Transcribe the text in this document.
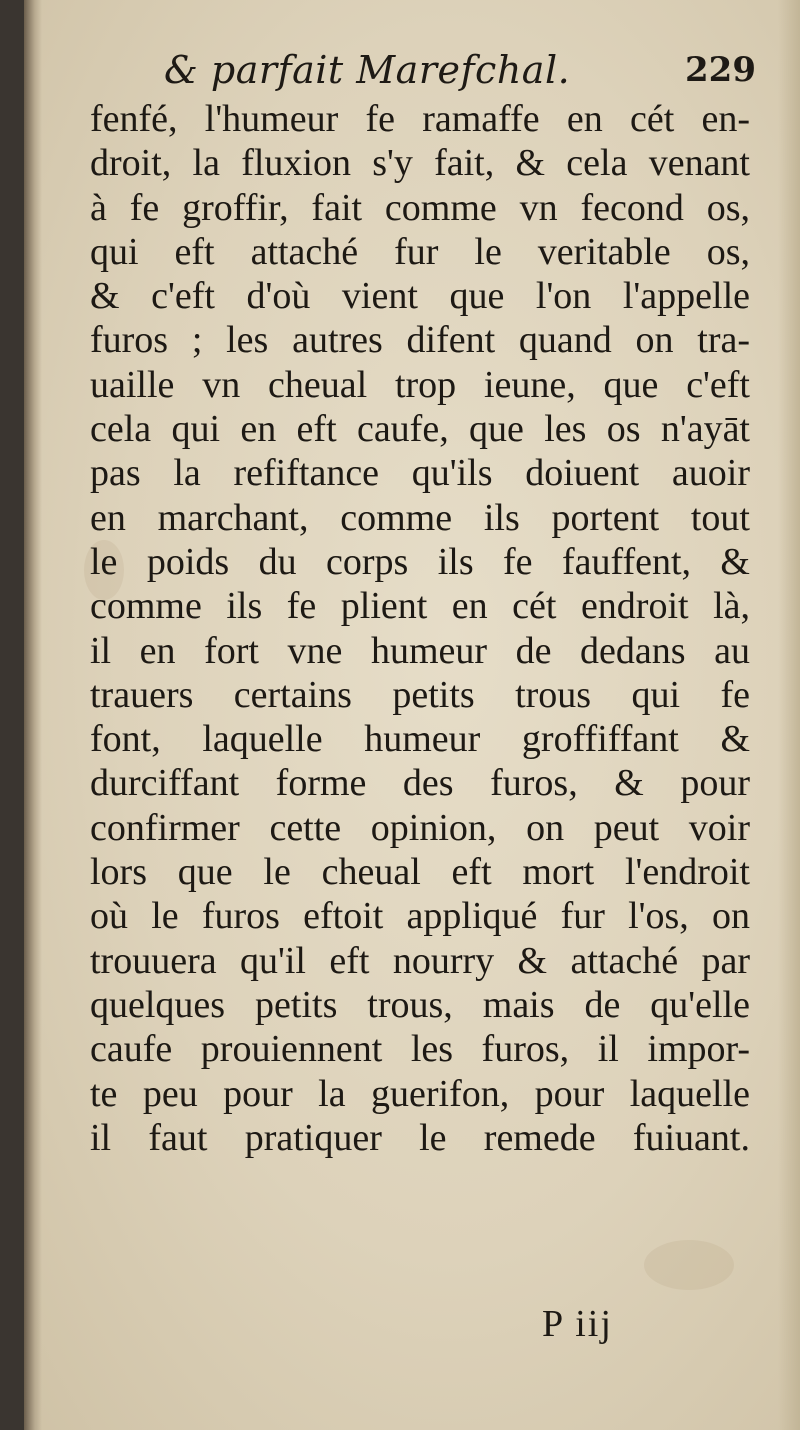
& parfait Marefchal.	229
fenfé, l'humeur fe ramaffe en cét en-
droit, la fluxion s'y fait, & cela venant
à fe groffir, fait comme vn fecond os,
qui eft attaché fur le veritable os,
& c'eft d'où vient que l'on l'appelle
furos ; les autres difent quand on tra-
uaille vn cheual trop ieune, que c'eft
cela qui en eft caufe, que les os n'ayāt
pas la refiftance qu'ils doiuent auoir
en marchant, comme ils portent tout
le poids du corps ils fe fauffent, &
comme ils fe plient en cét endroit là,
il en fort vne humeur de dedans au
trauers certains petits trous qui fe
font, laquelle humeur groffiffant &
durciffant forme des furos, & pour
confirmer cette opinion, on peut voir
lors que le cheual eft mort l'endroit
où le furos eftoit appliqué fur l'os, on
trouuera qu'il eft nourry & attaché par
quelques petits trous, mais de qu'elle
caufe prouiennent les furos, il impor-
te peu pour la guerifon, pour laquelle
il faut pratiquer le remede fuiuant.
P iij
